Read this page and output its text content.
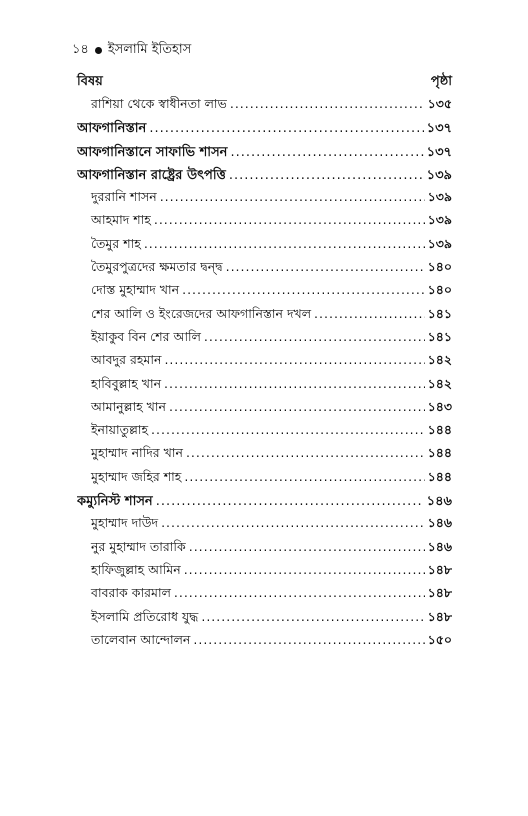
১৪ ইসলামি ইতিহাস
বিষয়	পৃষ্ঠা
রাশিয়া থেকে স্বাধীনতা লাভ .....	১৩৫
আফগানিস্তান .....	১৩৭
আফগানিস্তানে সাফাভি শাসন .....	১৩৭
আফগানিস্তান রাষ্ট্রের উৎপত্তি .....	১৩৯
দুররানি শাসন .....	১৩৯
আহমাদ শাহ .....	১৩৯
তৈমুর শাহ .....	১৩৯
তৈমুরপুত্রদের ক্ষমতার দ্বন্দ্ব .....	১৪০
দোস্ত মুহাম্মাদ খান .....	১৪০
শের আলি ও ইংরেজদের আফগানিস্তান দখল .....	১৪১
ইয়াকুব বিন শের আলি .....	১৪১
আবদুর রহমান .....	১৪২
হাবিবুল্লাহ খান .....	১৪২
আমানুল্লাহ খান .....	১৪৩
ইনায়াতুল্লাহ .....	১৪৪
মুহাম্মাদ নাদির খান .....	১৪৪
মুহাম্মাদ জহির শাহ .....	১৪৪
কম্যুনিস্ট শাসন .....	১৪৬
মুহাম্মাদ দাউদ .....	১৪৬
নুর মুহাম্মাদ তারাকি .....	১৪৬
হাফিজুল্লাহ আমিন .....	১৪৮
বাবরাক কারমাল .....	১৪৮
ইসলামি প্রতিরোধ যুদ্ধ .....	১৪৮
তালেবান আন্দোলন .....	১৫০
